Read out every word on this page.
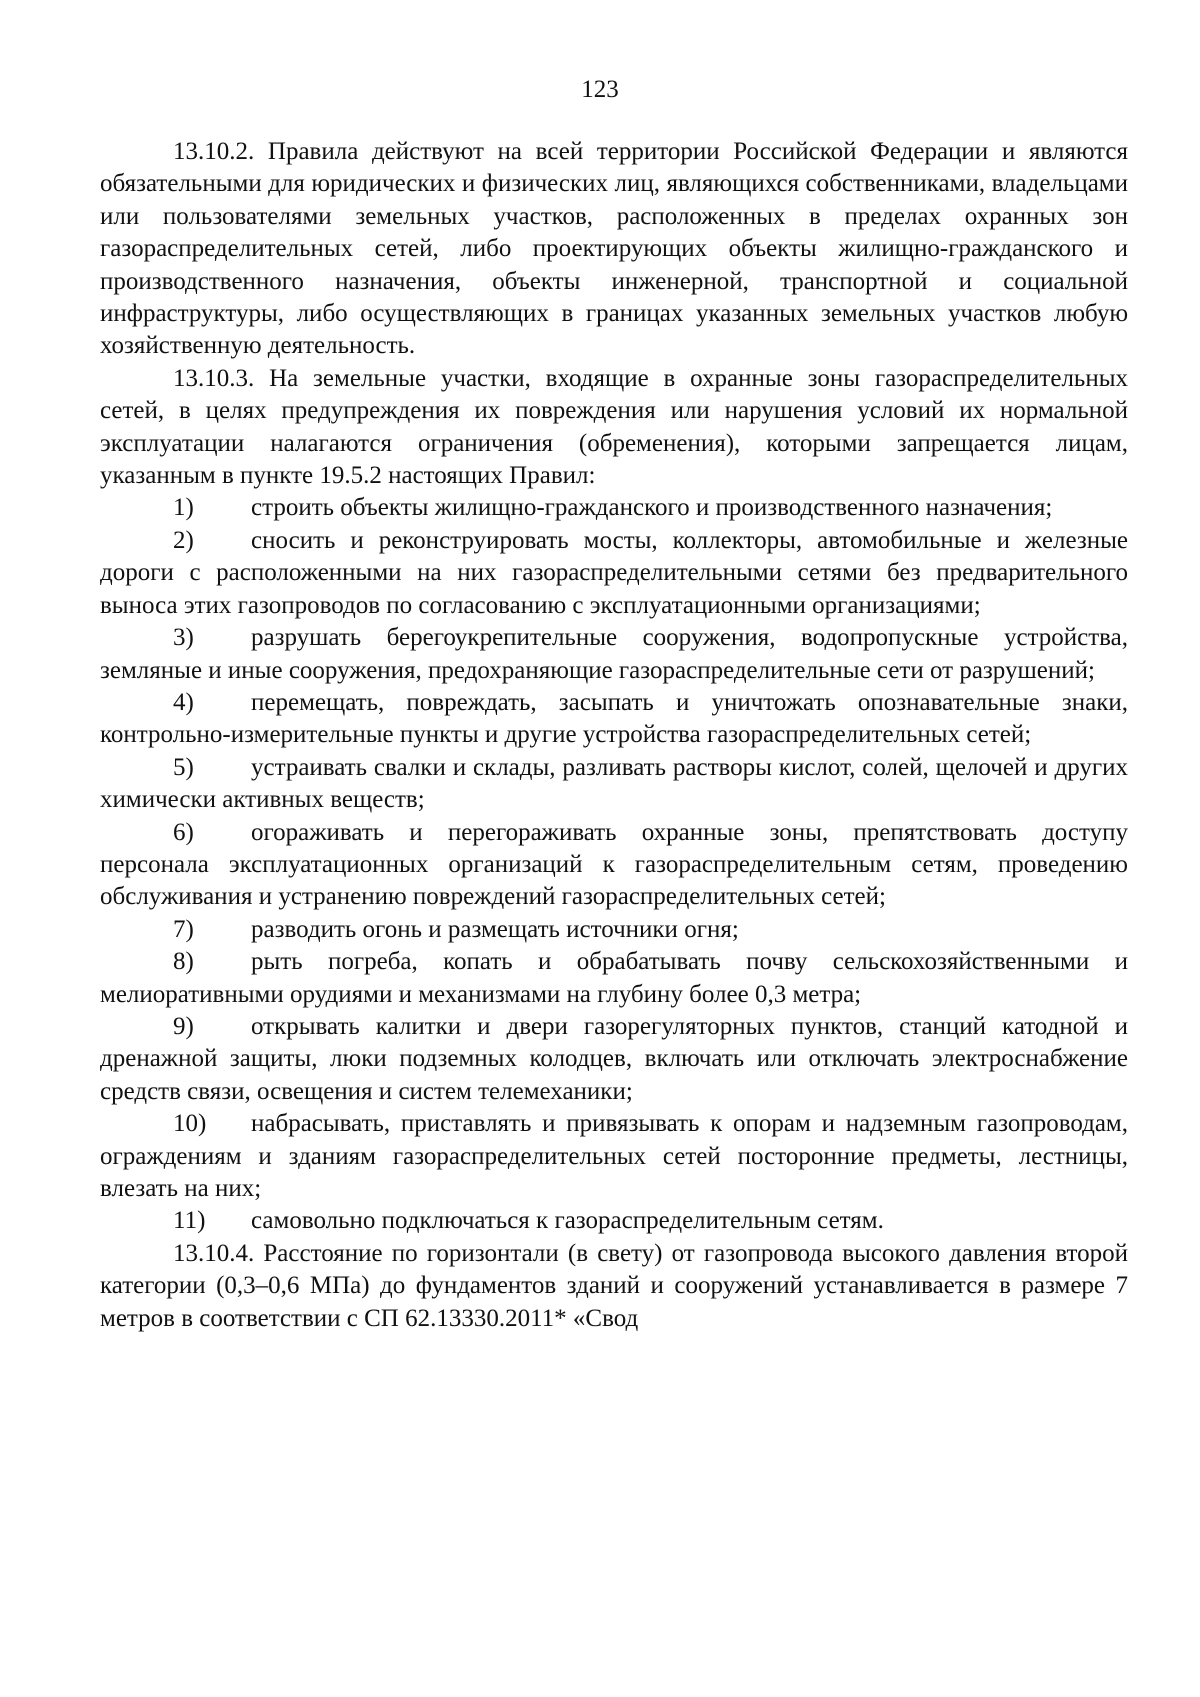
123

13.10.2. Правила действуют на всей территории Российской Федерации и являются обязательными для юридических и физических лиц, являющихся собственниками, владельцами или пользователями земельных участков, расположенных в пределах охранных зон газораспределительных сетей, либо проектирующих объекты жилищно-гражданского и производственного назначения, объекты инженерной, транспортной и социальной инфраструктуры, либо осуществляющих в границах указанных земельных участков любую хозяйственную деятельность.

13.10.3. На земельные участки, входящие в охранные зоны газораспределительных сетей, в целях предупреждения их повреждения или нарушения условий их нормальной эксплуатации налагаются ограничения (обременения), которыми запрещается лицам, указанным в пункте 19.5.2 настоящих Правил:

1) строить объекты жилищно-гражданского и производственного назначения;

2) сносить и реконструировать мосты, коллекторы, автомобильные и железные дороги с расположенными на них газораспределительными сетями без предварительного выноса этих газопроводов по согласованию с эксплуатационными организациями;

3) разрушать берегоукрепительные сооружения, водопропускные устройства, земляные и иные сооружения, предохраняющие газораспределительные сети от разрушений;

4) перемещать, повреждать, засыпать и уничтожать опознавательные знаки, контрольно-измерительные пункты и другие устройства газораспределительных сетей;

5) устраивать свалки и склады, разливать растворы кислот, солей, щелочей и других химически активных веществ;

6) огораживать и перегораживать охранные зоны, препятствовать доступу персонала эксплуатационных организаций к газораспределительным сетям, проведению обслуживания и устранению повреждений газораспределительных сетей;

7) разводить огонь и размещать источники огня;

8) рыть погреба, копать и обрабатывать почву сельскохозяйственными и мелиоративными орудиями и механизмами на глубину более 0,3 метра;

9) открывать калитки и двери газорегуляторных пунктов, станций катодной и дренажной защиты, люки подземных колодцев, включать или отключать электроснабжение средств связи, освещения и систем телемеханики;

10) набрасывать, приставлять и привязывать к опорам и надземным газопроводам, ограждениям и зданиям газораспределительных сетей посторонние предметы, лестницы, влезать на них;

11) самовольно подключаться к газораспределительным сетям.

13.10.4. Расстояние по горизонтали (в свету) от газопровода высокого давления второй категории (0,3–0,6 МПа) до фундаментов зданий и сооружений устанавливается в размере 7 метров в соответствии с СП 62.13330.2011* «Свод
